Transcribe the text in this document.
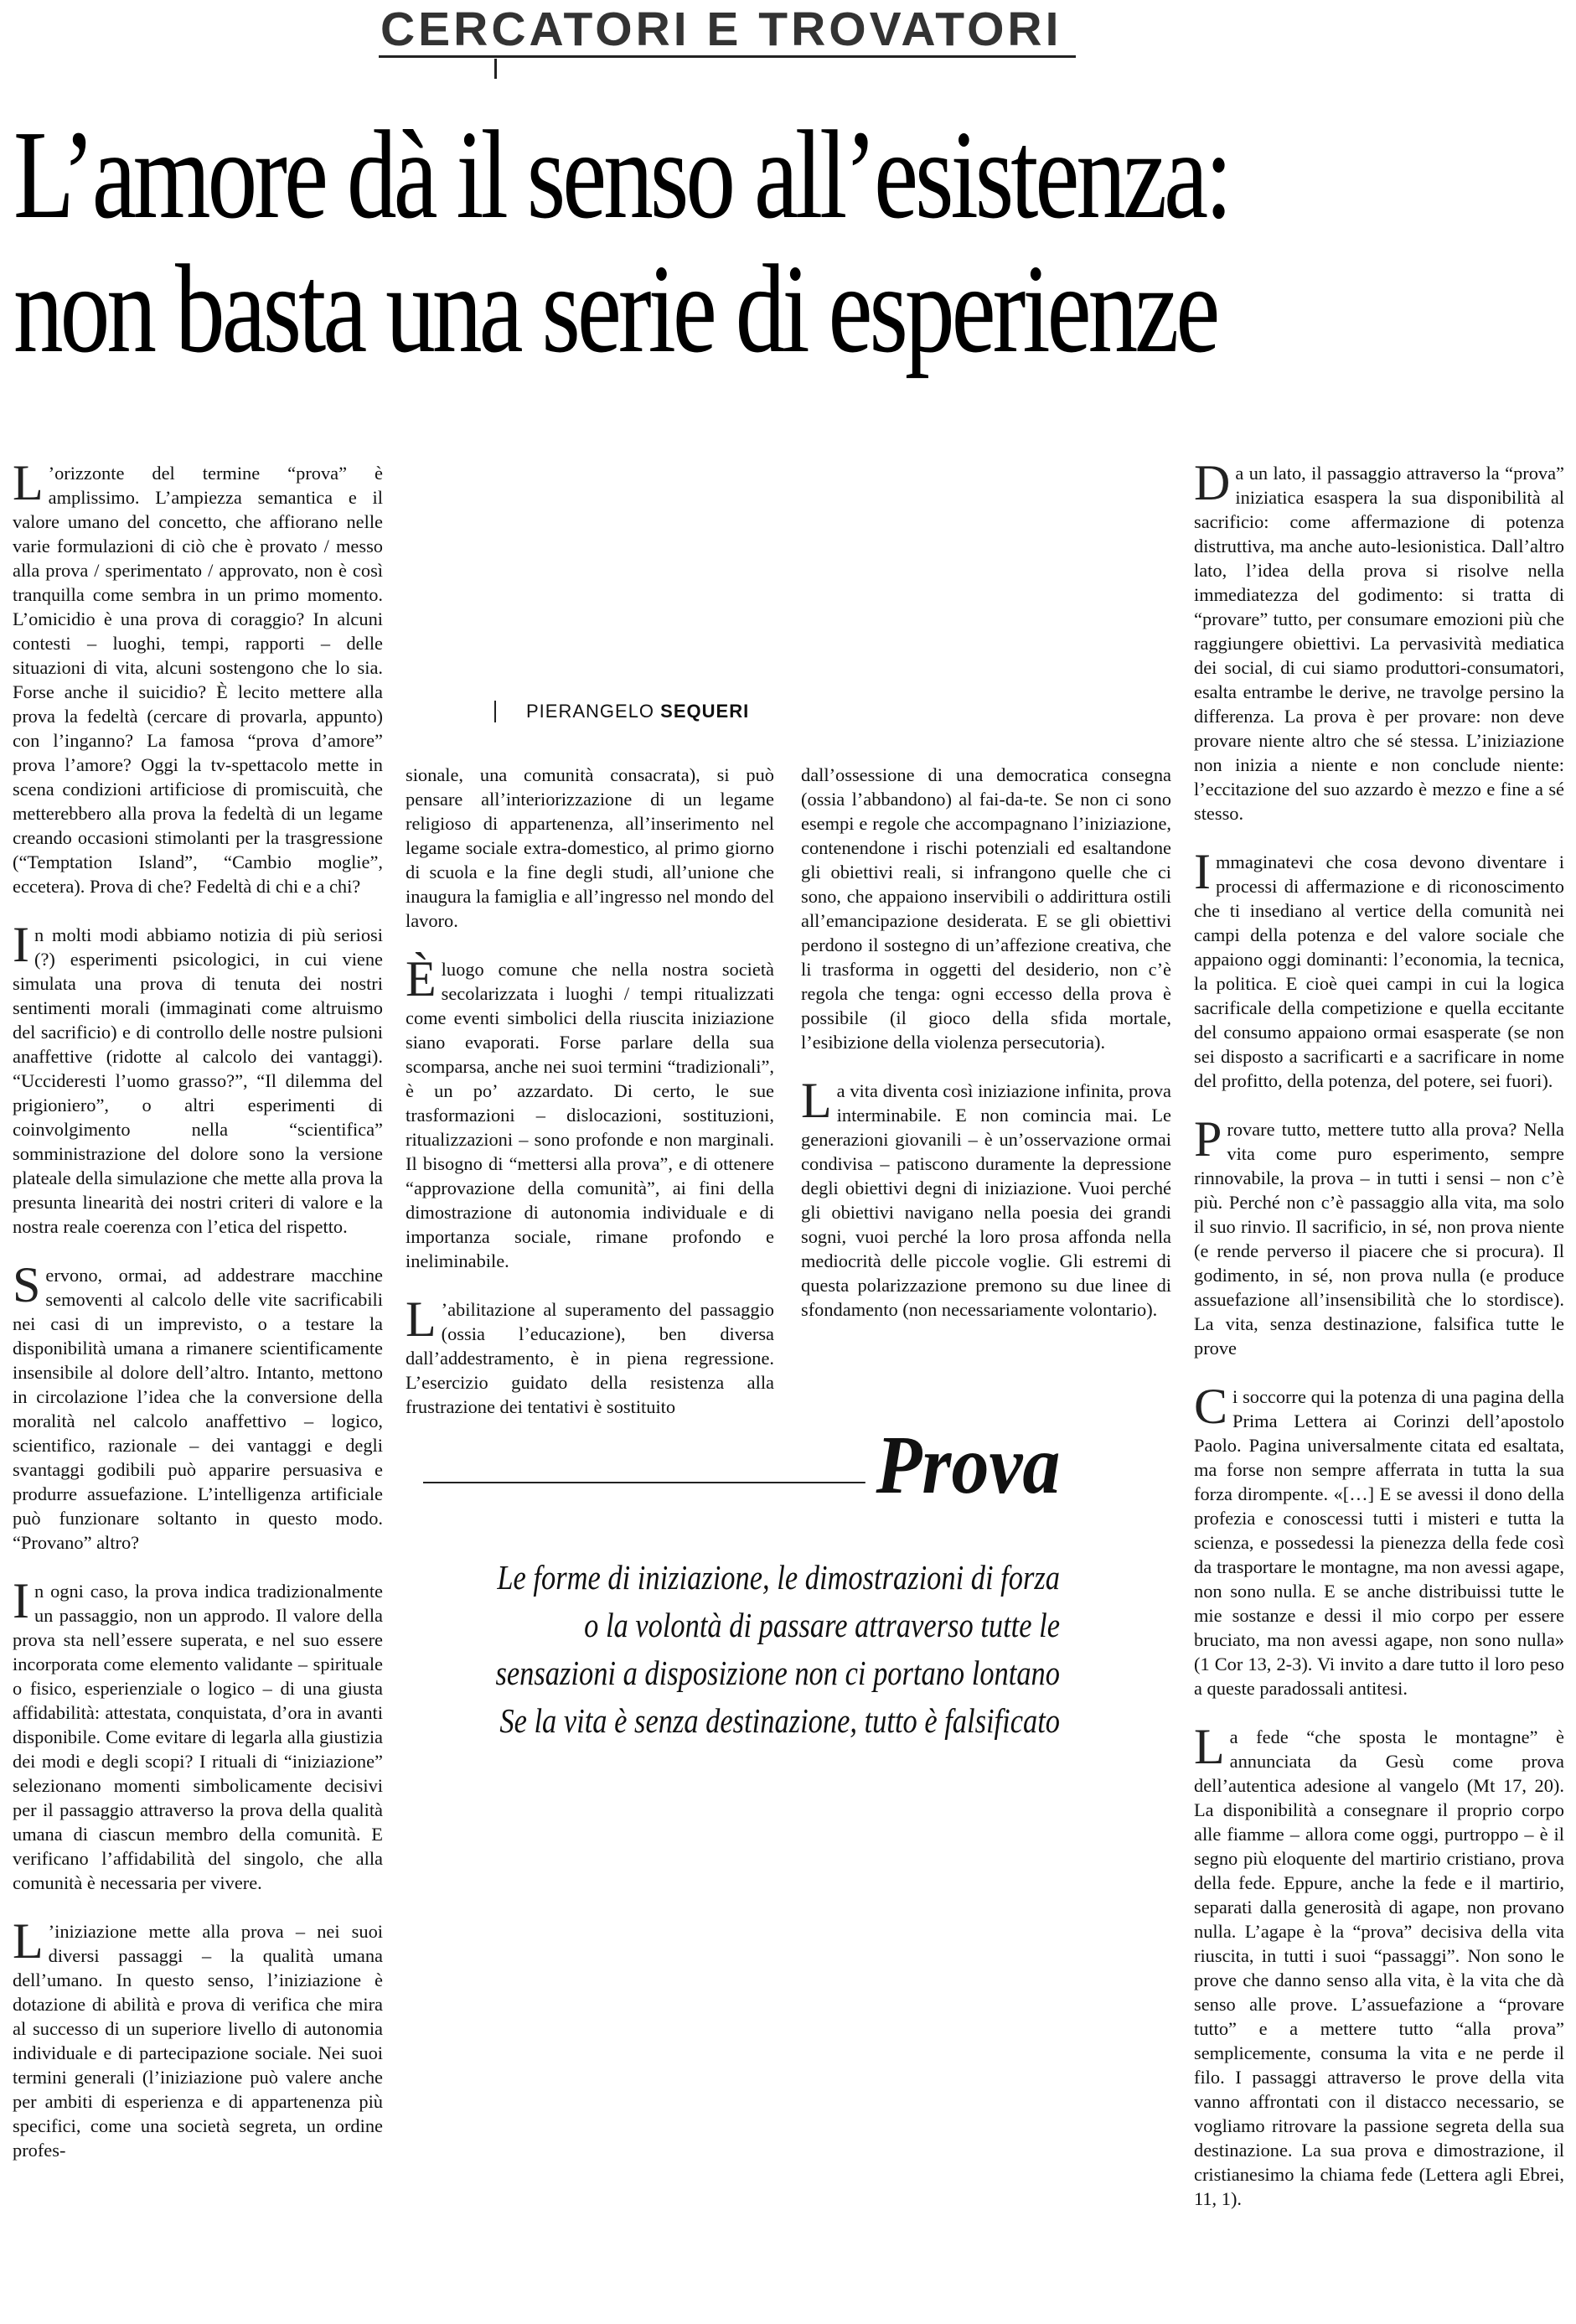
CERCATORI E TROVATORI
L’amore dà il senso all’esistenza:
non basta una serie di esperienze
PIERANGELO SEQUERI

L ’orizzonte del termine “prova” è amplissimo. L’ampiezza semantica e il valore umano del concetto, che affiorano nelle varie formulazioni di ciò che è provato / messo alla prova / sperimentato / approvato, non è così tranquilla come sembra in un primo momento. L’omicidio è una prova di coraggio? In alcuni contesti – luoghi, tempi, rapporti – delle situazioni di vita, alcuni sostengono che lo sia. Forse anche il suicidio? È lecito mettere alla prova la fedeltà (cercare di provarla, appunto) con l’inganno? La famosa “prova d’amore” prova l’amore? Oggi la tv-spettacolo mette in scena condizioni artificiose di promiscuità, che metterebbero alla prova la fedeltà di un legame creando occasioni stimolanti per la trasgressione (“Temptation Island”, “Cambio moglie”, eccetera). Prova di che? Fedeltà di chi e a chi?

In molti modi abbiamo notizia di più seriosi (?) esperimenti psicologici, in cui viene simulata una prova di tenuta dei nostri sentimenti morali (immaginati come altruismo del sacrificio) e di controllo delle nostre pulsioni anaffettive (ridotte al calcolo dei vantaggi). “Uccideresti l’uomo grasso?”, “Il dilemma del prigioniero”, o altri esperimenti di coinvolgimento nella “scientifica” somministrazione del dolore sono la versione plateale della simulazione che mette alla prova la presunta linearità dei nostri criteri di valore e la nostra reale coerenza con l’etica del rispetto.

Servono, ormai, ad addestrare macchine semoventi al calcolo delle vite sacrificabili nei casi di un imprevisto, o a testare la disponibilità umana a rimanere scientificamente insensibile al dolore dell’altro. Intanto, mettono in circolazione l’idea che la conversione della moralità nel calcolo anaffettivo – logico, scientifico, razionale – dei vantaggi e degli svantaggi godibili può apparire persuasiva e produrre assuefazione. L’intelligenza artificiale può funzionare soltanto in questo modo. “Provano” altro?

In ogni caso, la prova indica tradizionalmente un passaggio, non un approdo. Il valore della prova sta nell’essere superata, e nel suo essere incorporata come elemento validante – spirituale o fisico, esperienziale o logico – di una giusta affidabilità: attestata, conquistata, d’ora in avanti disponibile. Come evitare di legarla alla giustizia dei modi e degli scopi? I rituali di “iniziazione” selezionano momenti simbolicamente decisivi per il passaggio attraverso la prova della qualità umana di ciascun membro della comunità. E verificano l’affidabilità del singolo, che alla comunità è necessaria per vivere.

L ’iniziazione mette alla prova – nei suoi diversi passaggi – la qualità umana dell’umano. In questo senso, l’iniziazione è dotazione di abilità e prova di verifica che mira al successo di un superiore livello di autonomia individuale e di partecipazione sociale. Nei suoi termini generali (l’iniziazione può valere anche per ambiti di esperienza e di appartenenza più specifici, come una società segreta, un ordine profes-

sionale, una comunità consacrata), si può pensare all’interiorizzazione di un legame religioso di appartenenza, all’inserimento nel legame sociale extra-domestico, al primo giorno di scuola e la fine degli studi, all’unione che inaugura la famiglia e all’ingresso nel mondo del lavoro.

È luogo comune che nella nostra società secolarizzata i luoghi / tempi ritualizzati come eventi simbolici della riuscita iniziazione siano evaporati. Forse parlare della sua scomparsa, anche nei suoi termini “tradizionali”, è un po’ azzardato. Di certo, le sue trasformazioni – dislocazioni, sostituzioni, ritualizzazioni – sono profonde e non marginali. Il bisogno di “mettersi alla prova”, e di ottenere “approvazione della comunità”, ai fini della dimostrazione di autonomia individuale e di importanza sociale, rimane profondo e ineliminabile.

L ’abilitazione al superamento del passaggio (ossia l’educazione), ben diversa dall’addestramento, è in piena regressione. L’esercizio guidato della resistenza alla frustrazione dei tentativi è sostituito

dall’ossessione di una democratica consegna (ossia l’abbandono) al fai-da-te. Se non ci sono esempi e regole che accompagnano l’iniziazione, contenendone i rischi potenziali ed esaltandone gli obiettivi reali, si infrangono quelle che ci sono, che appaiono inservibili o addirittura ostili all’emancipazione desiderata. E se gli obiettivi perdono il sostegno di un’affezione creativa, che li trasforma in oggetti del desiderio, non c’è regola che tenga: ogni eccesso della prova è possibile (il gioco della sfida mortale, l’esibizione della violenza persecutoria).

La vita diventa così iniziazione infinita, prova interminabile. E non comincia mai. Le generazioni giovanili – è un’osservazione ormai condivisa – patiscono duramente la depressione degli obiettivi degni di iniziazione. Vuoi perché gli obiettivi navigano nella poesia dei grandi sogni, vuoi perché la loro prosa affonda nella mediocrità delle piccole voglie. Gli estremi di questa polarizzazione premono su due linee di sfondamento (non necessariamente volontario).

Da un lato, il passaggio attraverso la “prova” iniziatica esaspera la sua disponibilità al sacrificio: come affermazione di potenza distruttiva, ma anche auto-lesionistica. Dall’altro lato, l’idea della prova si risolve nella immediatezza del godimento: si tratta di “provare” tutto, per consumare emozioni più che raggiungere obiettivi. La pervasività mediatica dei social, di cui siamo produttori-consumatori, esalta entrambe le derive, ne travolge persino la differenza. La prova è per provare: non deve provare niente altro che sé stessa. L’iniziazione non inizia a niente e non conclude niente: l’eccitazione del suo azzardo è mezzo e fine a sé stesso.

Immaginatevi che cosa devono diventare i processi di affermazione e di riconoscimento che ti insediano al vertice della comunità nei campi della potenza e del valore sociale che appaiono oggi dominanti: l’economia, la tecnica, la politica. E cioè quei campi in cui la logica sacrificale della competizione e quella eccitante del consumo appaiono ormai esasperate (se non sei disposto a sacrificarti e a sacrificare in nome del profitto, della potenza, del potere, sei fuori).

Provare tutto, mettere tutto alla prova? Nella vita come puro esperimento, sempre rinnovabile, la prova – in tutti i sensi – non c’è più. Perché non c’è passaggio alla vita, ma solo il suo rinvio. Il sacrificio, in sé, non prova niente (e rende perverso il piacere che si procura). Il godimento, in sé, non prova nulla (e produce assuefazione all’insensibilità che lo stordisce). La vita, senza destinazione, falsifica tutte le prove

Ci soccorre qui la potenza di una pagina della Prima Lettera ai Corinzi dell’apostolo Paolo. Pagina universalmente citata ed esaltata, ma forse non sempre afferrata in tutta la sua forza dirompente. «[…] E se avessi il dono della profezia e conoscessi tutti i misteri e tutta la scienza, e possedessi la pienezza della fede così da trasportare le montagne, ma non avessi agape, non sono nulla. E se anche distribuissi tutte le mie sostanze e dessi il mio corpo per essere bruciato, ma non avessi agape, non sono nulla» (1 Cor 13, 2-3). Vi invito a dare tutto il loro peso a queste paradossali antitesi.

La fede “che sposta le montagne” è annunciata da Gesù come prova dell’autentica adesione al vangelo (Mt 17, 20). La disponibilità a consegnare il proprio corpo alle fiamme – allora come oggi, purtroppo – è il segno più eloquente del martirio cristiano, prova della fede. Eppure, anche la fede e il martirio, separati dalla generosità di agape, non provano nulla. L’agape è la “prova” decisiva della vita riuscita, in tutti i suoi “passaggi”. Non sono le prove che danno senso alla vita, è la vita che dà senso alle prove. L’assuefazione a “provare tutto” e a mettere tutto “alla prova” semplicemente, consuma la vita e ne perde il filo. I passaggi attraverso le prove della vita vanno affrontati con il distacco necessario, se vogliamo ritrovare la passione segreta della sua destinazione. La sua prova e dimostrazione, il cristianesimo la chiama fede (Lettera agli Ebrei, 11, 1).

Prova
Le forme di iniziazione, le dimostrazioni di forza
o la volontà di passare attraverso tutte le
sensazioni a disposizione non ci portano lontano
Se la vita è senza destinazione, tutto è falsificato
